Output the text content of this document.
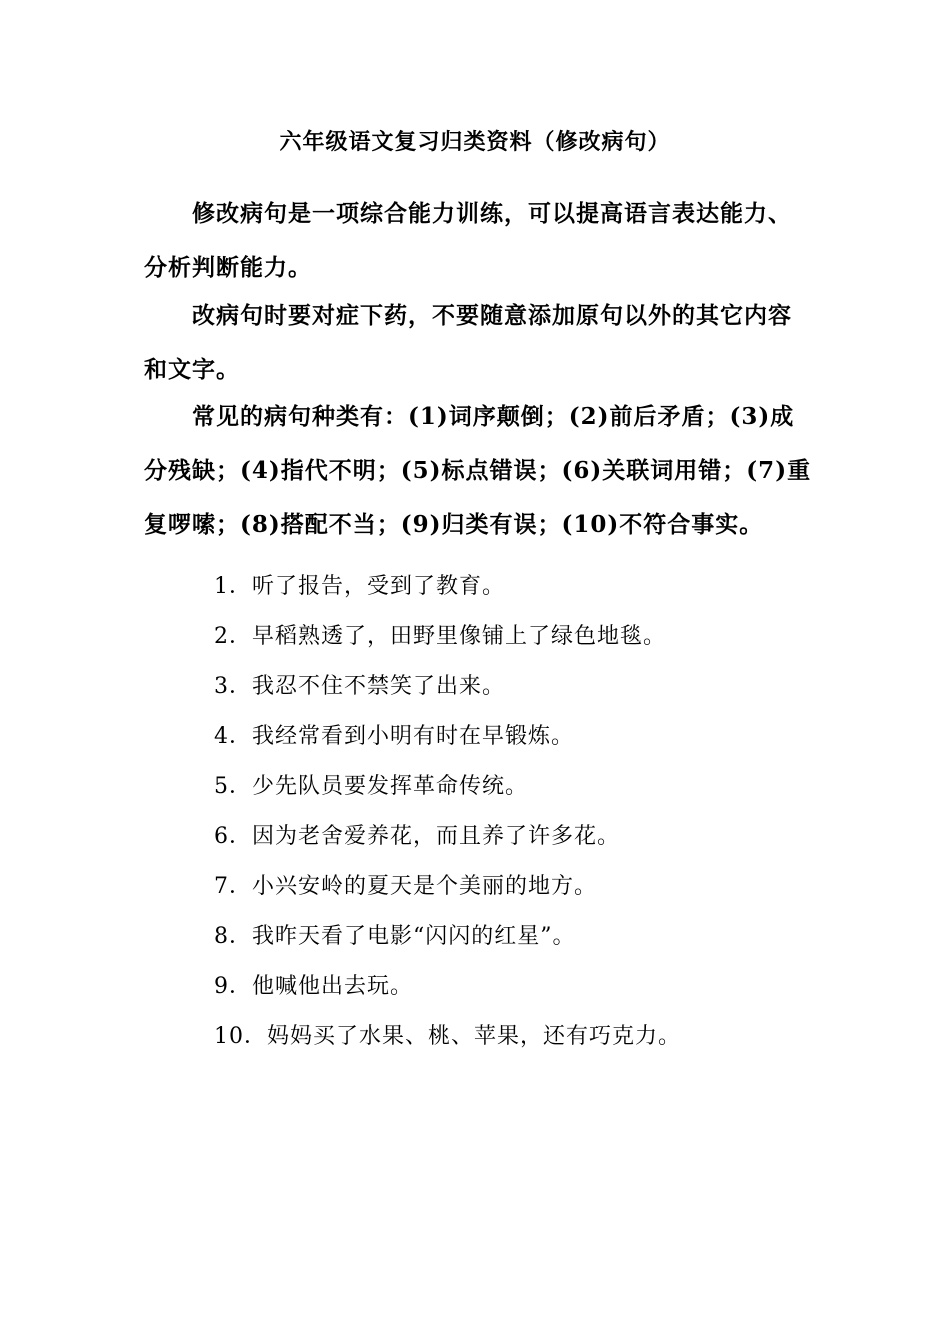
六年级语文复习归类资料（修改病句）

修改病句是一项综合能力训练，可以提高语言表达能力、分析判断能力。

改病句时要对症下药，不要随意添加原句以外的其它内容和文字。

常见的病句种类有：(1)词序颠倒；(2)前后矛盾；(3)成分残缺；(4)指代不明；(5)标点错误；(6)关联词用错；(7)重复啰嗦；(8)搭配不当；(9)归类有误；(10)不符合事实。

1．听了报告，受到了教育。
2．早稻熟透了，田野里像铺上了绿色地毯。
3．我忍不住不禁笑了出来。
4．我经常看到小明有时在早锻炼。
5．少先队员要发挥革命传统。
6．因为老舍爱养花，而且养了许多花。
7．小兴安岭的夏天是个美丽的地方。
8．我昨天看了电影“闪闪的红星”。
9．他喊他出去玩。
10．妈妈买了水果、桃、苹果，还有巧克力。
